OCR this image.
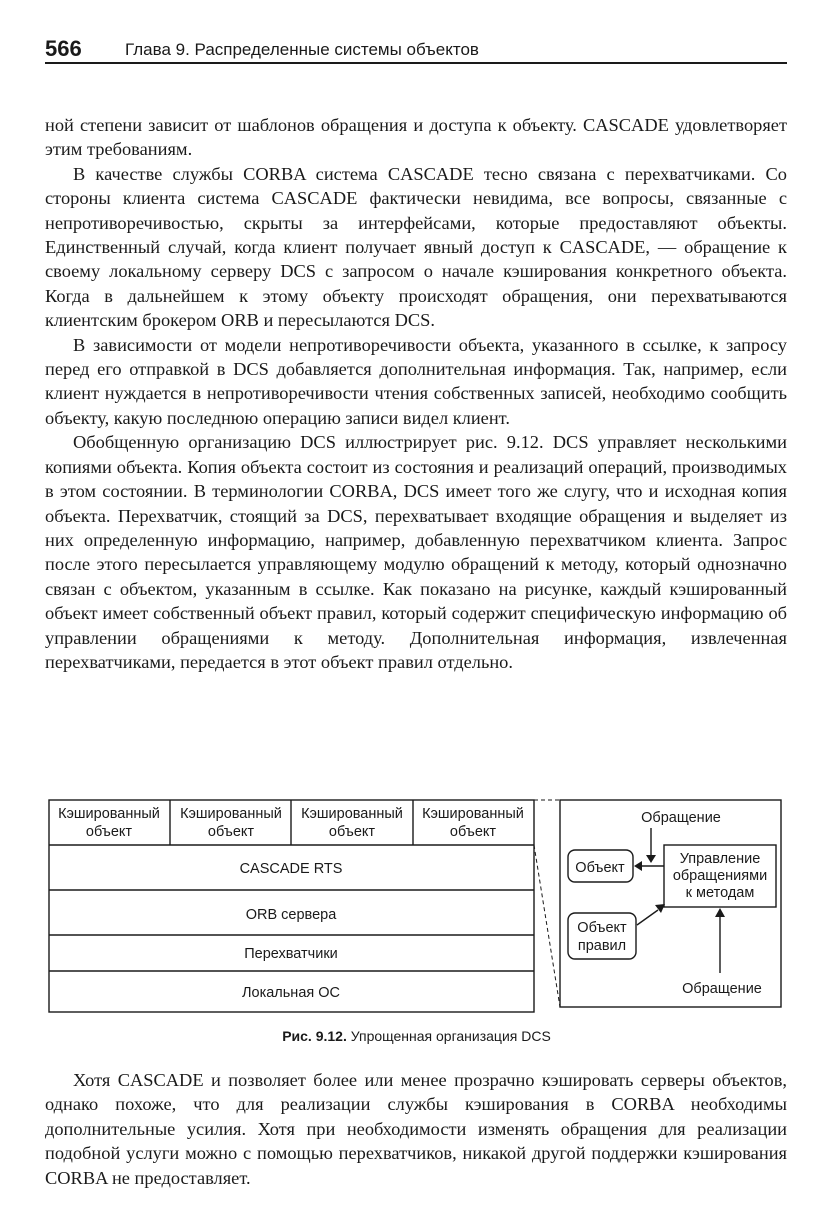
566	Глава 9. Распределенные системы объектов

ной степени зависит от шаблонов обращения и доступа к объекту. CASCADE удовлетворяет этим требованиям.

В качестве службы CORBA система CASCADE тесно связана с перехватчиками. Со стороны клиента система CASCADE фактически невидима, все вопросы, связанные с непротиворечивостью, скрыты за интерфейсами, которые предоставляют объекты. Единственный случай, когда клиент получает явный доступ к CASCADE, — обращение к своему локальному серверу DCS с запросом о начале кэширования конкретного объекта. Когда в дальнейшем к этому объекту происходят обращения, они перехватываются клиентским брокером ORB и пересылаются DCS.

В зависимости от модели непротиворечивости объекта, указанного в ссылке, к запросу перед его отправкой в DCS добавляется дополнительная информация. Так, например, если клиент нуждается в непротиворечивости чтения собственных записей, необходимо сообщить объекту, какую последнюю операцию записи видел клиент.

Обобщенную организацию DCS иллюстрирует рис. 9.12. DCS управляет несколькими копиями объекта. Копия объекта состоит из состояния и реализаций операций, производимых в этом состоянии. В терминологии CORBA, DCS имеет того же слугу, что и исходная копия объекта. Перехватчик, стоящий за DCS, перехватывает входящие обращения и выделяет из них определенную информацию, например, добавленную перехватчиком клиента. Запрос после этого пересылается управляющему модулю обращений к методу, который однозначно связан с объектом, указанным в ссылке. Как показано на рисунке, каждый кэшированный объект имеет собственный объект правил, который содержит специфическую информацию об управлении обращениями к методу. Дополнительная информация, извлеченная перехватчиками, передается в этот объект правил отдельно.

Кэшированный
объект
Кэшированный
объект
Кэшированный
объект
Кэшированный
объект
CASCADE RTS
ORB сервера
Перехватчики
Локальная ОС
Обращение
Объект
Объект
правил
Управление
обращениями
к методам
Обращение
Рис. 9.12. Упрощенная организация DCS

Хотя CASCADE и позволяет более или менее прозрачно кэшировать серверы объектов, однако похоже, что для реализации службы кэширования в CORBA необходимы дополнительные усилия. Хотя при необходимости изменять обращения для реализации подобной услуги можно с помощью перехватчиков, никакой другой поддержки кэширования CORBA не предоставляет.
